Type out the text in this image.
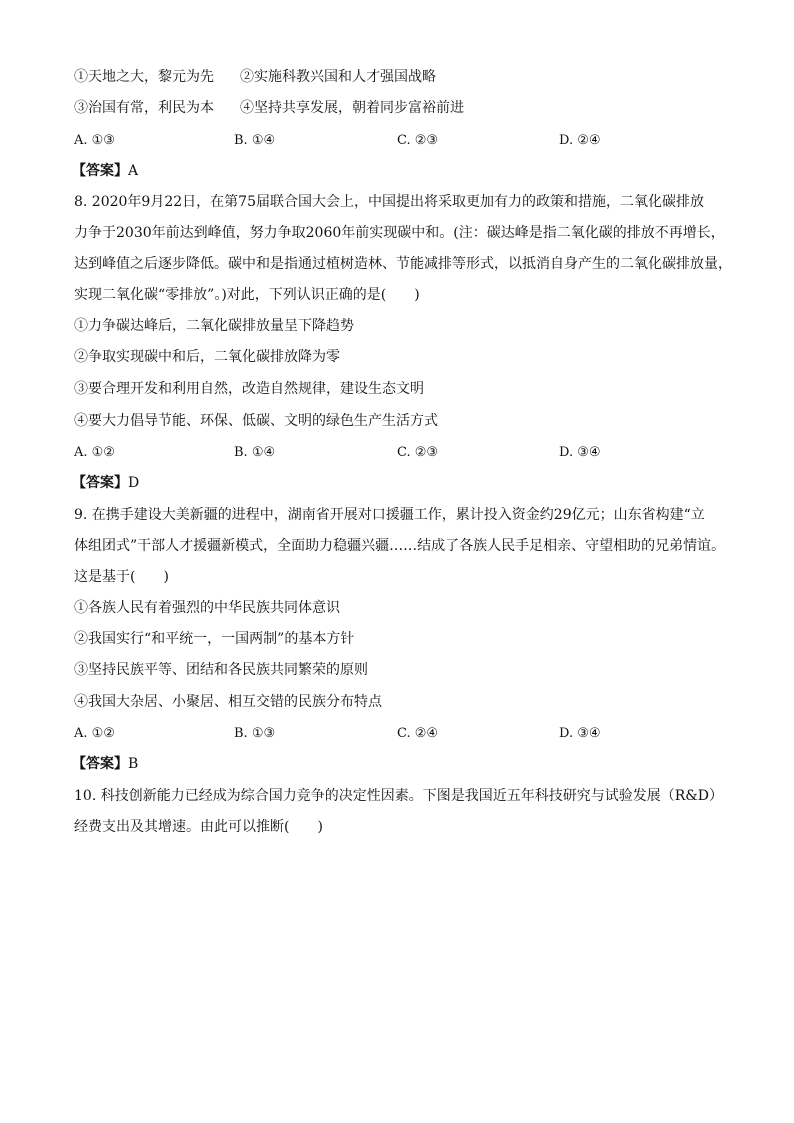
①天地之大，黎元为先 ②实施科教兴国和人才强国战略
③治国有常，利民为本 ④坚持共享发展，朝着同步富裕前进
A. ①③	B. ①④	C. ②③	D. ②④
【答案】A
8. 2020年9月22日，在第75届联合国大会上，中国提出将采取更加有力的政策和措施，二氧化碳排放
力争于2030年前达到峰值，努力争取2060年前实现碳中和。(注：碳达峰是指二氧化碳的排放不再增长，
达到峰值之后逐步降低。碳中和是指通过植树造林、节能减排等形式，以抵消自身产生的二氧化碳排放量，
实现二氧化碳“零排放”。)对此，下列认识正确的是(　　)
①力争碳达峰后，二氧化碳排放量呈下降趋势
②争取实现碳中和后，二氧化碳排放降为零
③要合理开发和利用自然，改造自然规律，建设生态文明
④要大力倡导节能、环保、低碳、文明的绿色生产生活方式
A. ①②	B. ①④	C. ②③	D. ③④
【答案】D
9. 在携手建设大美新疆的进程中，湖南省开展对口援疆工作，累计投入资金约29亿元；山东省构建“立
体组团式”干部人才援疆新模式，全面助力稳疆兴疆……结成了各族人民手足相亲、守望相助的兄弟情谊。
这是基于(　　)
①各族人民有着强烈的中华民族共同体意识
②我国实行“和平统一，一国两制”的基本方针
③坚持民族平等、团结和各民族共同繁荣的原则
④我国大杂居、小聚居、相互交错的民族分布特点
A. ①②	B. ①③	C. ②④	D. ③④
【答案】B
10. 科技创新能力已经成为综合国力竞争的决定性因素。下图是我国近五年科技研究与试验发展（R&D）
经费支出及其增速。由此可以推断(　　)
